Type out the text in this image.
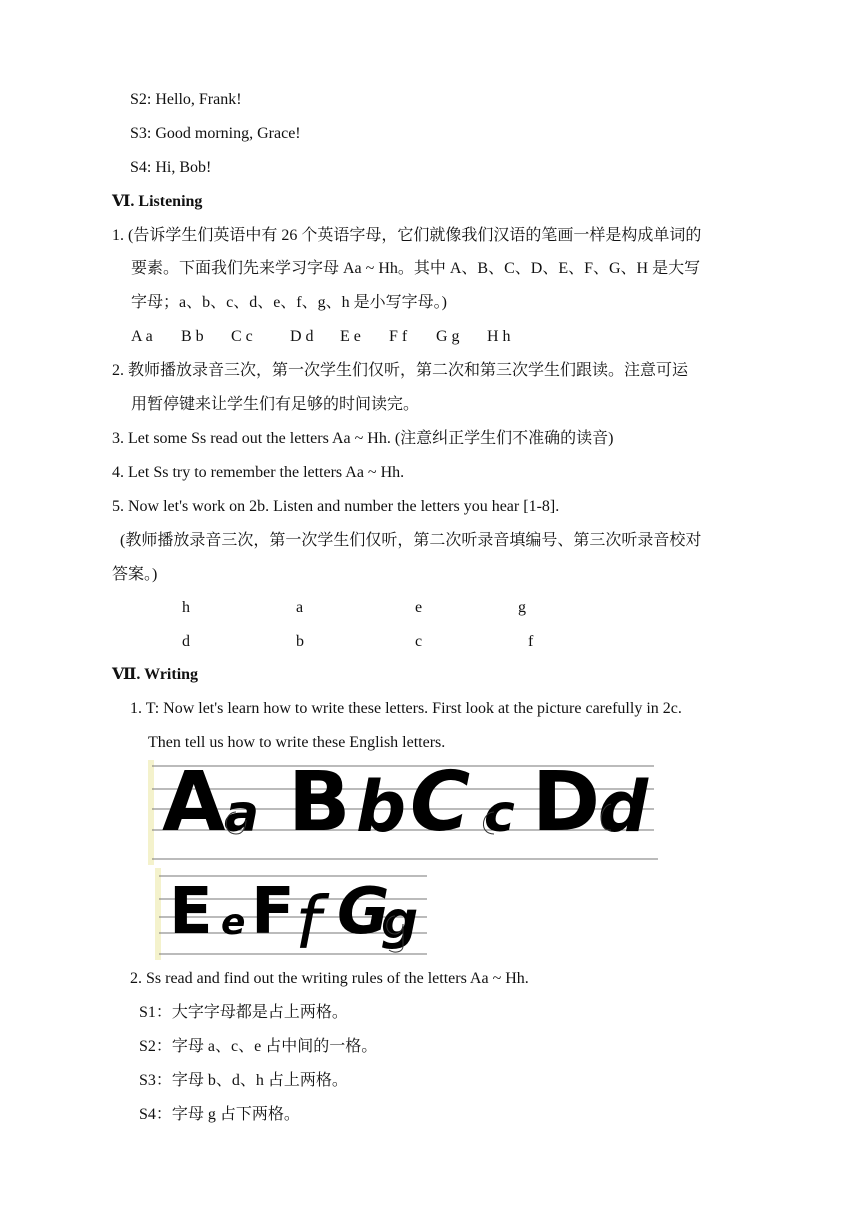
S2: Hello, Frank!
S3: Good morning, Grace!
S4: Hi, Bob!
Ⅵ. Listening
1. (告诉学生们英语中有 26 个英语字母，它们就像我们汉语的笔画一样是构成单词的
要素。下面我们先来学习字母 Aa ~ Hh。其中 A、B、C、D、E、F、G、H 是大写
字母；a、b、c、d、e、f、g、h 是小写字母。)
A a B b C c D d E e F f G g H h
2. 教师播放录音三次，第一次学生们仅听，第二次和第三次学生们跟读。注意可运
用暂停键来让学生们有足够的时间读完。
3. Let some Ss read out the letters Aa ~ Hh. (注意纠正学生们不准确的读音)
4. Let Ss try to remember the letters Aa ~ Hh.
5. Now let's work on 2b. Listen and number the letters you hear [1-8].
(教师播放录音三次，第一次学生们仅听，第二次听录音填编号、第三次听录音校对
答案。)
h	a	e	g
d	b	c	f
Ⅶ. Writing
1. T: Now let's learn how to write these letters. First look at the picture carefully in 2c.
Then tell us how to write these English letters.
A
a B b C c D
d
E e F f G
g
2. Ss read and find out the writing rules of the letters Aa ~ Hh.
S1：大字字母都是占上两格。
S2：字母 a、c、e 占中间的一格。
S3：字母 b、d、h 占上两格。
S4：字母 g 占下两格。
